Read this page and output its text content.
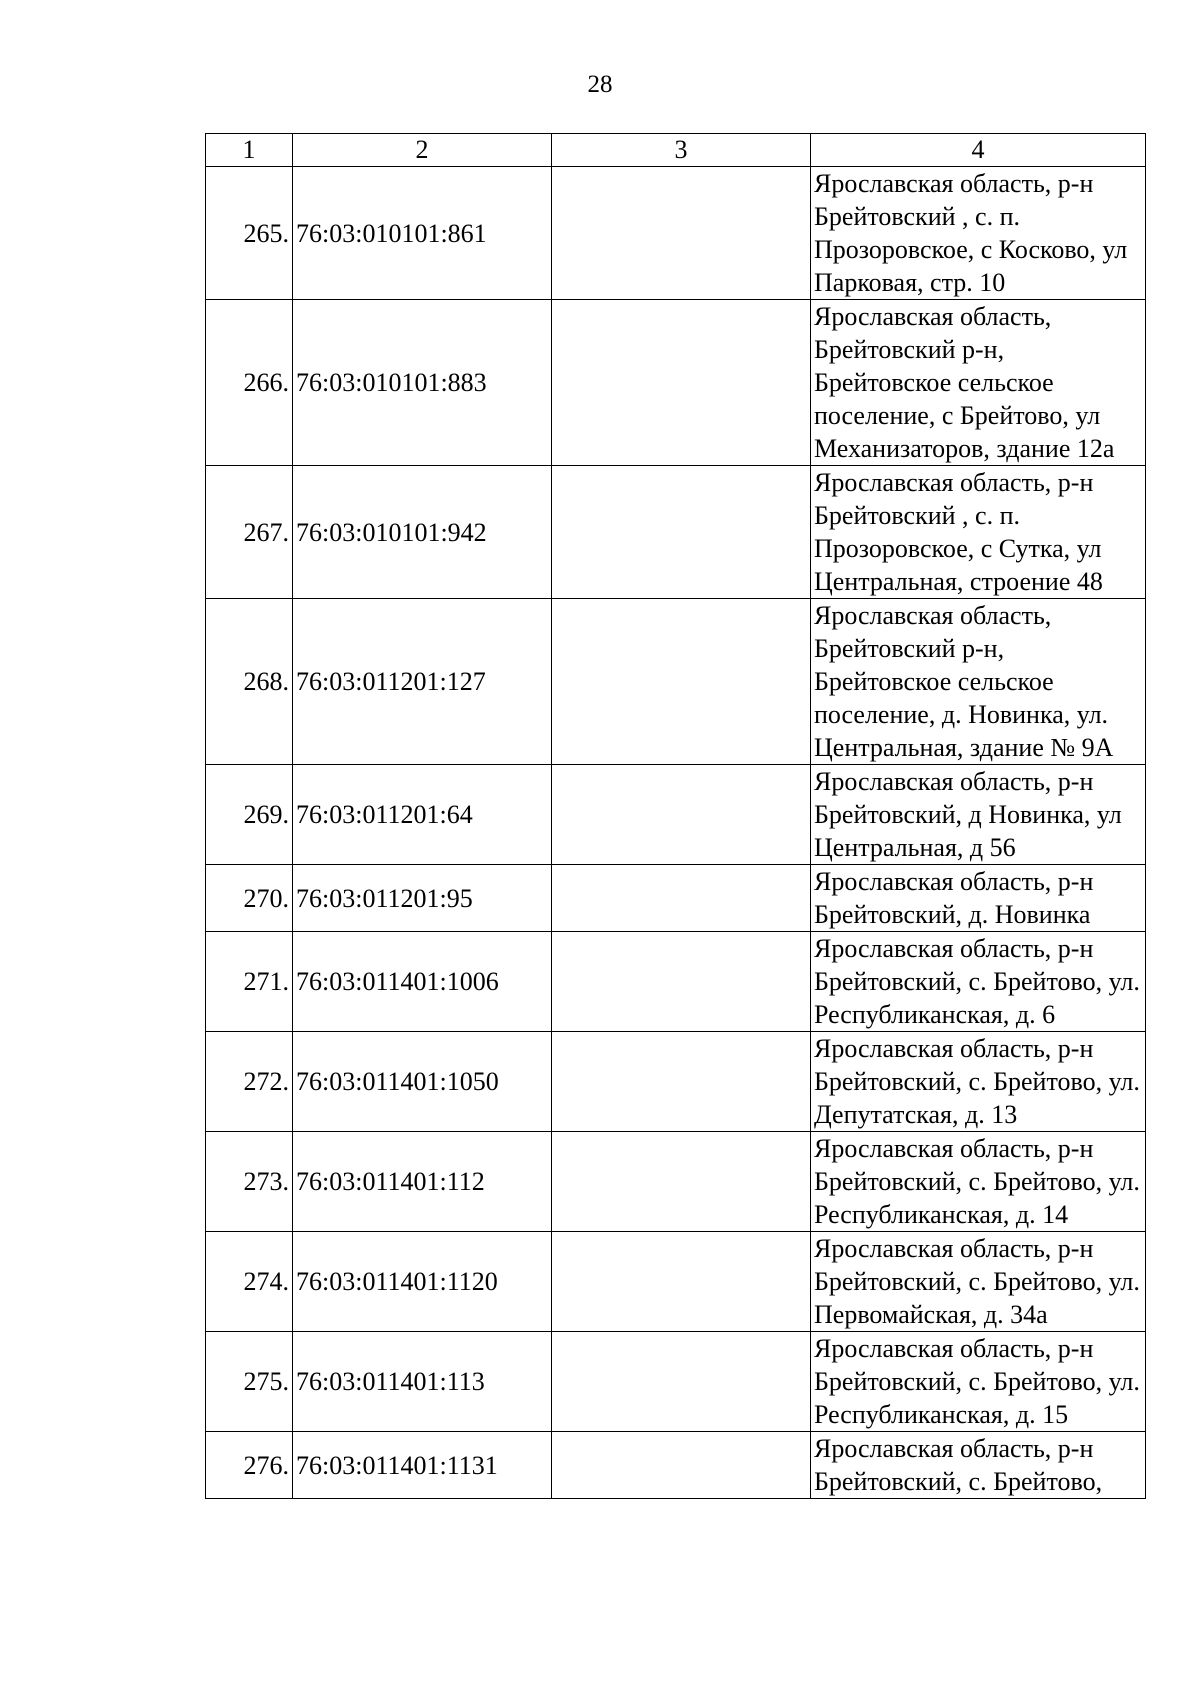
28
1	2	3	4
265.	76:03:010101:861		Ярославская область, р-н Брейтовский , с. п. Прозоровское, с Косково, ул Парковая, стр. 10
266.	76:03:010101:883		Ярославская область, Брейтовский р-н, Брейтовское сельское поселение, с Брейтово, ул Механизаторов, здание 12а
267.	76:03:010101:942		Ярославская область, р-н Брейтовский , с. п. Прозоровское, с Сутка, ул Центральная, строение 48
268.	76:03:011201:127		Ярославская область, Брейтовский р-н, Брейтовское сельское поселение, д. Новинка, ул. Центральная, здание № 9А
269.	76:03:011201:64		Ярославская область, р-н Брейтовский, д Новинка, ул Центральная, д 56
270.	76:03:011201:95		Ярославская область, р-н Брейтовский, д. Новинка
271.	76:03:011401:1006		Ярославская область, р-н Брейтовский, с. Брейтово, ул. Республиканская, д. 6
272.	76:03:011401:1050		Ярославская область, р-н Брейтовский, с. Брейтово, ул. Депутатская, д. 13
273.	76:03:011401:112		Ярославская область, р-н Брейтовский, с. Брейтово, ул. Республиканская, д. 14
274.	76:03:011401:1120		Ярославская область, р-н Брейтовский, с. Брейтово, ул. Первомайская, д. 34а
275.	76:03:011401:113		Ярославская область, р-н Брейтовский, с. Брейтово, ул. Республиканская, д. 15
276.	76:03:011401:1131		Ярославская область, р-н Брейтовский, с. Брейтово,
